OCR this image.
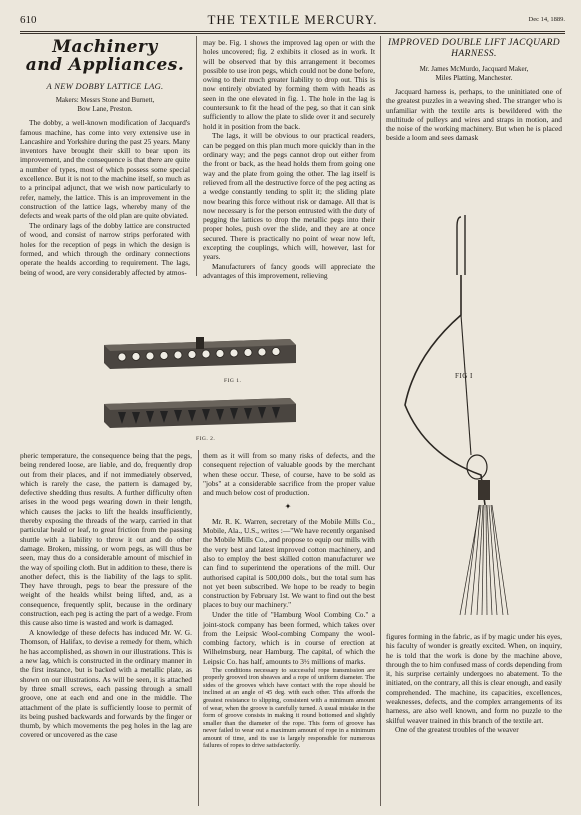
610	THE TEXTILE MERCURY.	Dec 14, 1889.
Machinery
and Appliances.
A NEW DOBBY LATTICE LAG.
Makers: Messrs Stone and Burnett,
Bow Lane, Preston.

The dobby, a well-known modification of Jacquard's famous machine, has come into very extensive use in Lancashire and Yorkshire during the past 25 years. Many inventors have brought their skill to bear upon its improvement, and the consequence is that there are quite a number of types, most of which possess some special excellence. But it is not to the machine itself, so much as to a principal adjunct, that we wish now particularly to refer, namely, the lattice. This is an improvement in the construction of the lattice lags, whereby many of the defects and weak parts of the old plan are quite obviated.

The ordinary lags of the dobby lattice are constructed of wood, and consist of narrow strips perforated with holes for the reception of pegs in which the design is formed, and which through the ordinary connections operate the healds according to requirement. The lags, being of wood, are very considerably affected by atmos-

may be. Fig. 1 shows the improved lag open or with the holes uncovered; fig. 2 exhibits it closed as in work. It will be observed that by this arrangement it becomes possible to use iron pegs, which could not be done before, owing to their much greater liability to drop out. This is now entirely obviated by forming them with heads as seen in the one elevated in fig. 1. The hole in the lag is countersunk to fit the head of the peg, so that it can sink sufficiently to allow the plate to slide over it and securely hold it in position from the back.

The lags, it will be obvious to our practical readers, can be pegged on this plan much more quickly than in the ordinary way; and the pegs cannot drop out either from the front or back, as the head holds them from going one way and the plate from going the other. The lag itself is relieved from all the destructive force of the peg acting as a wedge constantly tending to split it; the sliding plate now bearing this force without risk or damage. All that is now necessary is for the person entrusted with the duty of pegging the lattices to drop the metallic pegs into their proper holes, push over the slide, and they are at once secured. There is practically no point of wear now left, excepting the couplings, which will, however, last for years.

Manufacturers of fancy goods will appreciate the advantages of this improvement, relieving

FIG 1.
FIG. 2.

pheric temperature, the consequence being that the pegs, being rendered loose, are liable, and do, frequently drop out from their places, and if not immediately observed, which is rarely the case, the pattern is damaged by, defective shedding thus results. A further difficulty often arises in the wood pegs wearing down in their length, which causes the jacks to lift the healds insufficiently, thereby exposing the threads of the warp, carried in that particular heald or leaf, to great friction from the passing shuttle with a liability to throw it out and do other damage. Broken, missing, or worn pegs, as will thus be seen, may thus do a considerable amount of mischief in the way of spoiling cloth. But in addition to these, there is another defect, this is the liability of the lags to split. They have through, pegs to bear the pressure of the weight of the healds whilst being lifted, and, as a consequence, frequently split, because in the ordinary construction, each peg is acting the part of a wedge. From this cause also time is wasted and work is damaged.

A knowledge of these defects has induced Mr. W. G. Thomson, of Halifax, to devise a remedy for them, which he has accomplished, as shown in our illustrations. This is a new lag, which is constructed in the ordinary manner in the first instance, but is backed with a metallic plate, as shown on our illustrations. As will be seen, it is attached by three small screws, each passing through a small groove, one at each end and one in the middle. The attachment of the plate is sufficiently loose to permit of its being pushed backwards and forwards by the finger or thumb, by which movements the peg holes in the lag are covered or uncovered as the case

them as it will from so many risks of defects, and the consequent rejection of valuable goods by the merchant when these occur. These, of course, have to be sold as "jobs" at a considerable sacrifice from the proper value and much below cost of production.

✦

Mr. R. K. Warren, secretary of the Mobile Mills Co., Mobile, Ala., U.S., writes :—"We have recently organised the Mobile Mills Co., and propose to equip our mills with the very best and latest improved cotton machinery, and also to employ the best skilled cotton manufacturer we can find to superintend the operations of the mill. Our authorised capital is 500,000 dols., but the total sum has not yet been subscribed. We hope to be ready to begin construction by February 1st. We want to find out the best places to buy our machinery."

Under the title of "Hamburg Wool Combing Co." a joint-stock company has been formed, which takes over from the Leipsic Wool-combing Company the wool-combing factory, which is in course of erection at Wilhelmsburg, near Hamburg. The capital, of which the Leipsic Co. has half, amounts to 3½ millions of marks.

The conditions necessary to successful rope transmission are properly grooved iron sheaves and a rope of uniform diameter. The sides of the grooves which have contact with the rope should be inclined at an angle of 45 deg. with each other. This affords the greatest resistance to slipping, consistent with a minimum amount of wear, when the groove is carefully turned. A usual mistake in the form of groove consists in making it round bottomed and slightly smaller than the diameter of the rope. This form of groove has never failed to wear out a maximum amount of rope in a minimum amount of time, and its use is largely responsible for numerous failures of ropes to drive satisfactorily.

IMPROVED DOUBLE LIFT JACQUARD
HARNESS.
Mr. James McMurdo, Jacquard Maker,
Miles Platting, Manchester.

Jacquard harness is, perhaps, to the uninitiated one of the greatest puzzles in a weaving shed. The stranger who is unfamiliar with the textile arts is bewildered with the multitude of pulleys and wires and straps in motion, and the noise of the working machinery. But when he is placed beside a loom and sees damask

FIG I

figures forming in the fabric, as if by magic under his eyes, his faculty of wonder is greatly excited. When, on inquiry, he is told that the work is done by the machine above, through the to him confused mass of cords depending from it, his surprise certainly undergoes no abatement. To the initiated, on the contrary, all this is clear enough, and easily comprehended. The machine, its capacities, excellences, weaknesses, defects, and the complex arrangements of its harness, are also well known, and form no puzzle to the skilful weaver trained in this branch of the textile art.

One of the greatest troubles of the weaver
